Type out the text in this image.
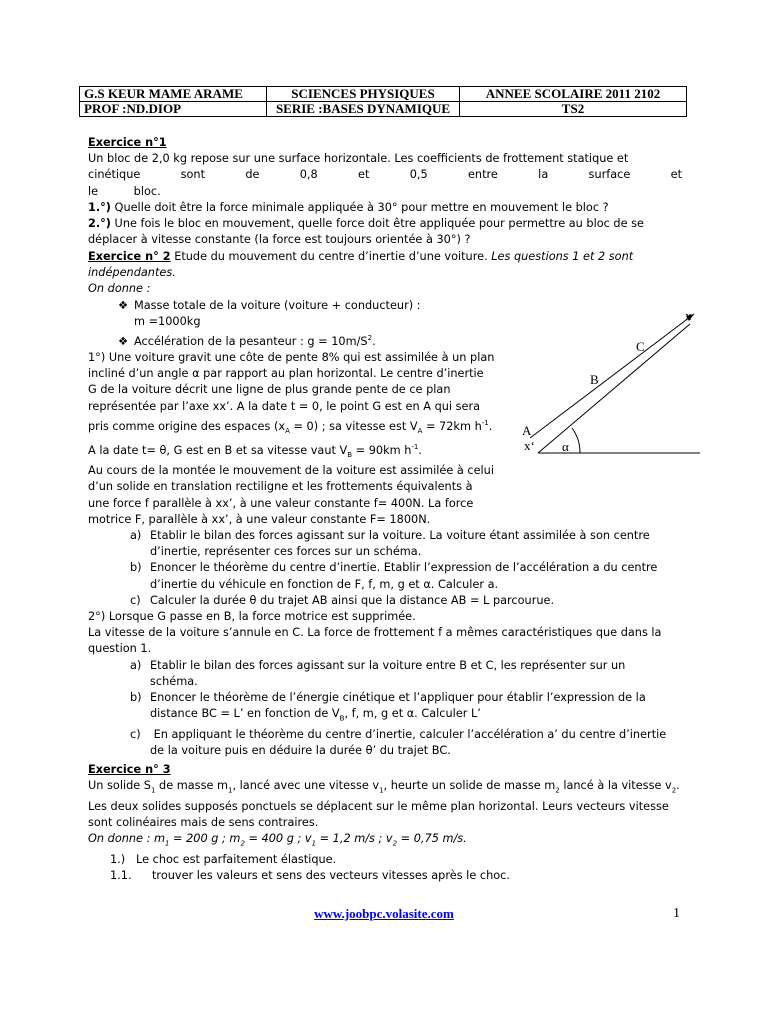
G.S KEUR MAME ARAME	SCIENCES PHYSIQUES	ANNEE SCOLAIRE 2011 2102
PROF :ND.DIOP	SERIE :BASES DYNAMIQUE	TS2
Exercice n°1
Un bloc de 2,0 kg repose sur une surface horizontale. Les coefficients de frottement statique et
cinétique sont de 0,8 et 0,5 entre la surface et le bloc.
1.°) Quelle doit être la force minimale appliquée à 30° pour mettre en mouvement le bloc ?
2.°) Une fois le bloc en mouvement, quelle force doit être appliquée pour permettre au bloc de se
déplacer à vitesse constante (la force est toujours orientée à 30°) ?
Exercice n° 2 Etude du mouvement du centre d’inertie d’une voiture. Les questions 1 et 2 sont
indépendantes.
On donne :
❖ Masse totale de la voiture (voiture + conducteur) :
m =1000kg
❖ Accélération de la pesanteur : $g = 10m/S^2$.
1°) Une voiture gravit une côte de pente 8% qui est assimilée à un plan
incliné d’un angle α par rapport au plan horizontal. Le centre d’inertie
G de la voiture décrit une ligne de plus grande pente de ce plan
représentée par l’axe xx’. A la date t = 0, le point G est en A qui sera
pris comme origine des espaces $(x_A = 0)$ ; sa vitesse est $V_A = 72km$ $h^{-1}$.
A la date t= θ, G est en B et sa vitesse vaut $V_B = 90km$ $h^{-1}$.
Au cours de la montée le mouvement de la voiture est assimilée à celui
d’un solide en translation rectiligne et les frottements équivalents à
une force f parallèle à xx’, à une valeur constante f= 400N. La force
motrice F, parallèle à xx’, à une valeur constante F= 1800N.
a) Etablir le bilan des forces agissant sur la voiture. La voiture étant assimilée à son centre
d’inertie, représenter ces forces sur un schéma.
b) Enoncer le théorème du centre d’inertie. Etablir l’expression de l’accélération a du centre
d’inertie du véhicule en fonction de F, f, m, g et α. Calculer a.
c) Calculer la durée θ du trajet AB ainsi que la distance AB = L parcourue.
2°) Lorsque G passe en B, la force motrice est supprimée.
La vitesse de la voiture s’annule en C. La force de frottement f a mêmes caractéristiques que dans la
question 1.
a) Etablir le bilan des forces agissant sur la voiture entre B et C, les représenter sur un
schéma.
b) Enoncer le théorème de l’énergie cinétique et l’appliquer pour établir l’expression de la
distance BC = L’ en fonction de $V_B$, f, m, g et α. Calculer L’
c) En appliquant le théorème du centre d’inertie, calculer l’accélération a’ du centre d’inertie
de la voiture puis en déduire la durée θ’ du trajet BC.
x
C
B
A
x‘ α
Exercice n° 3
Un solide $S_1$ de masse $m_1$, lancé avec une vitesse $v_1$, heurte un solide de masse $m_2$ lancé à la vitesse $v_2$.
Les deux solides supposés ponctuels se déplacent sur le même plan horizontal. Leurs vecteurs vitesse
sont colinéaires mais de sens contraires.
On donne : $m_1 = 200$ g ; $m_2 = 400$ g ; $v_1 = 1,2$ m/s ; $v_2 = 0,75$ m/s.
1.) Le choc est parfaitement élastique.
1.1. trouver les valeurs et sens des vecteurs vitesses après le choc.
www.joobpc.volasite.com	1
